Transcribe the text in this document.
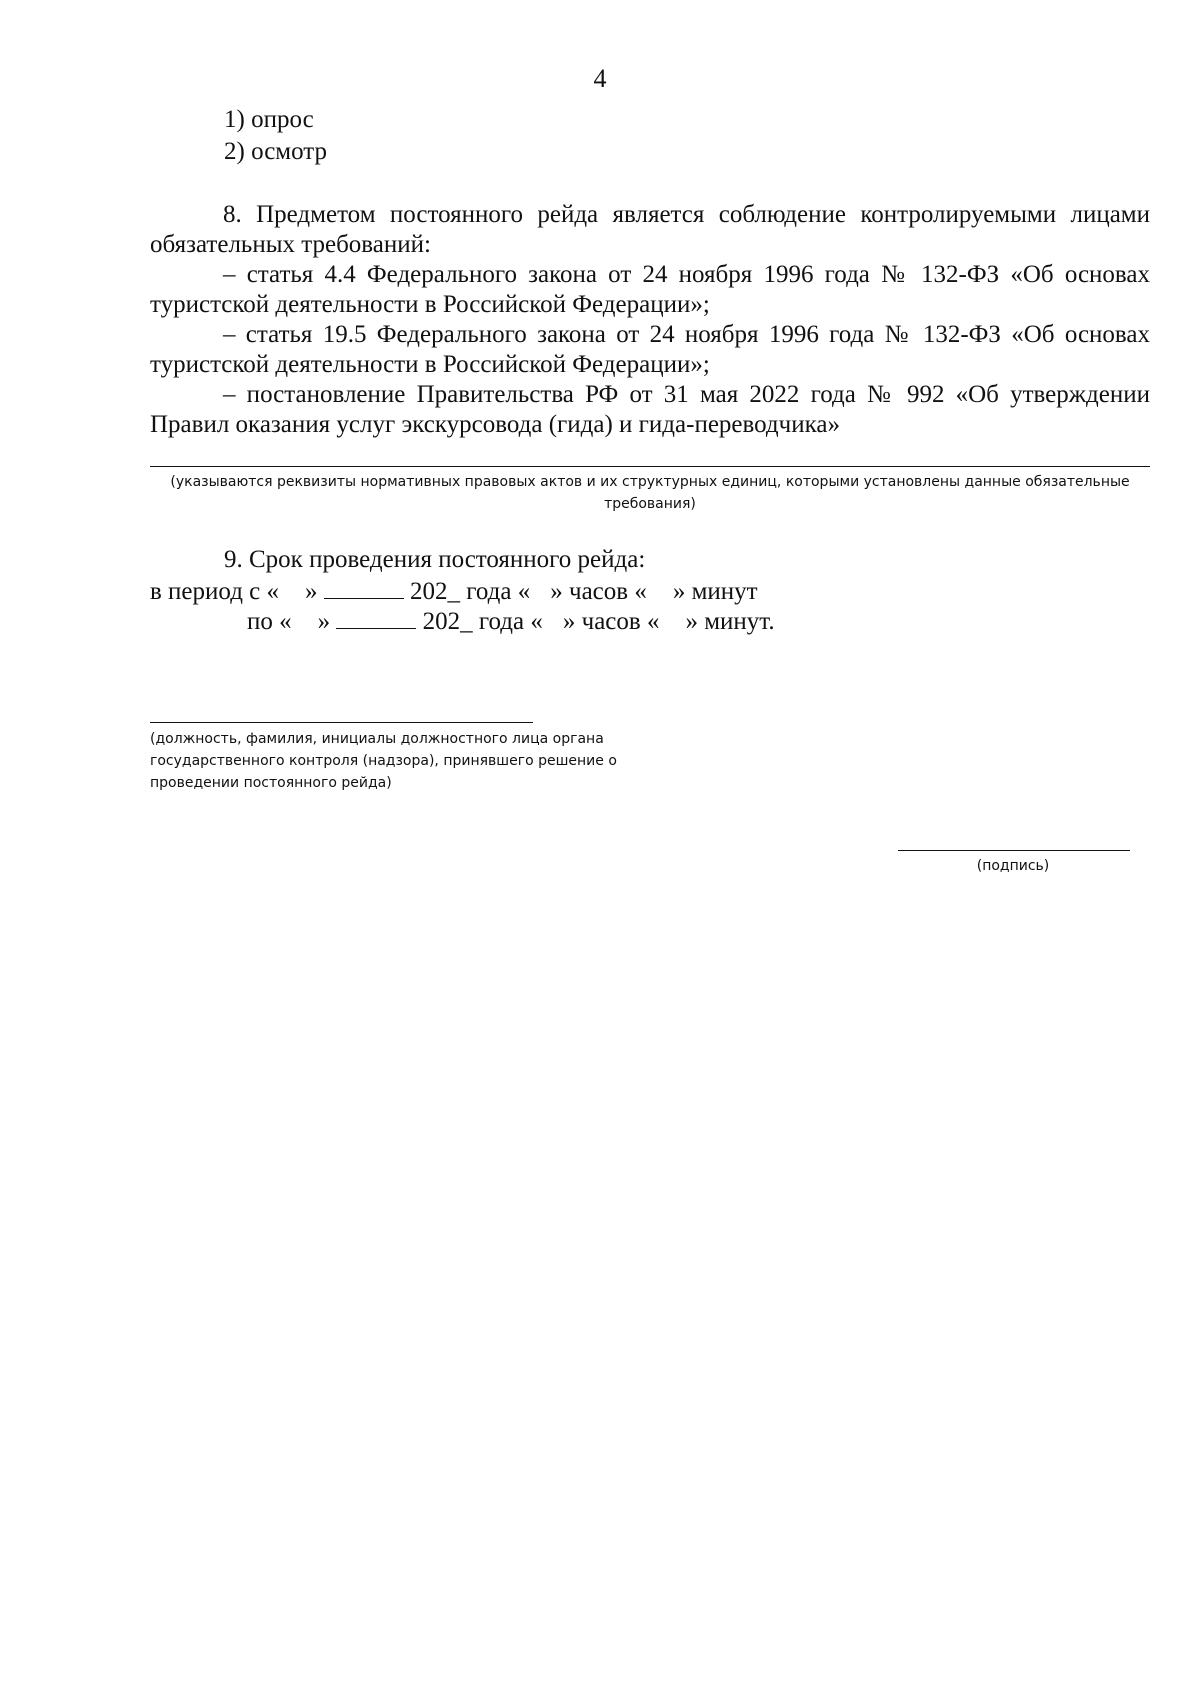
4
1) опрос
2) осмотр

8. Предметом постоянного рейда является соблюдение контролируемыми лицами обязательных требований:

– статья 4.4 Федерального закона от 24 ноября 1996 года № 132-ФЗ «Об основах туристской деятельности в Российской Федерации»;

– статья 19.5 Федерального закона от 24 ноября 1996 года № 132-ФЗ «Об основах туристской деятельности в Российской Федерации»;

– постановление Правительства РФ от 31 мая 2022 года № 992 «Об утверждении Правил оказания услуг экскурсовода (гида) и гида-переводчика»

(указываются реквизиты нормативных правовых актов и их структурных единиц, которыми установлены данные обязательные требования)
9. Срок проведения постоянного рейда:
в период с « »	202_ года « » часов « » минут
по « »	202_ года « » часов « » минут.
(должность, фамилия, инициалы должностного лица органа государственного контроля (надзора), принявшего решение о проведении постоянного рейда)
(подпись)
